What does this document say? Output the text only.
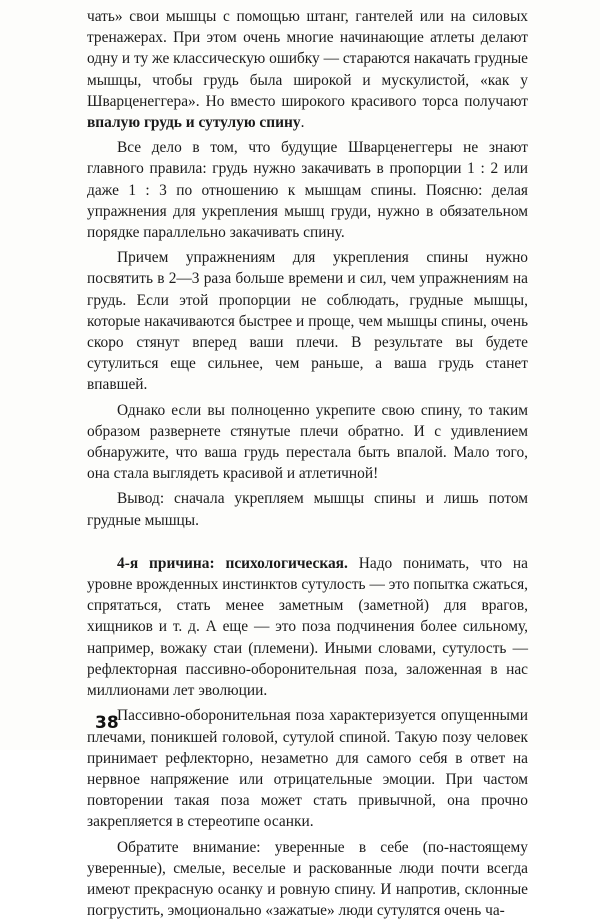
чать» свои мышцы с помощью штанг, гантелей или на силовых тренажерах. При этом очень многие начинающие атлеты делают одну и ту же классическую ошибку — стараются накачать грудные мышцы, чтобы грудь была широкой и мускулистой, «как у Шварценеггера». Но вместо широкого красивого торса получают впалую грудь и сутулую спину.

Все дело в том, что будущие Шварценеггеры не знают главного правила: грудь нужно закачивать в пропорции 1 : 2 или даже 1 : 3 по отношению к мышцам спины. Поясню: делая упражнения для укрепления мышц груди, нужно в обязательном порядке параллельно закачивать спину.

Причем упражнениям для укрепления спины нужно посвятить в 2—3 раза больше времени и сил, чем упражнениям на грудь. Если этой пропорции не соблюдать, грудные мышцы, которые накачиваются быстрее и проще, чем мышцы спины, очень скоро стянут вперед ваши плечи. В результате вы будете сутулиться еще сильнее, чем раньше, а ваша грудь станет впавшей.

Однако если вы полноценно укрепите свою спину, то таким образом развернете стянутые плечи обратно. И с удивлением обнаружите, что ваша грудь перестала быть впалой. Мало того, она стала выглядеть красивой и атлетичной!

Вывод: сначала укрепляем мышцы спины и лишь потом грудные мышцы.

4-я причина: психологическая. Надо понимать, что на уровне врожденных инстинктов сутулость — это попытка сжаться, спрятаться, стать менее заметным (заметной) для врагов, хищников и т. д. А еще — это поза подчинения более сильному, например, вожаку стаи (племени). Иными словами, сутулость — рефлекторная пассивно-оборонительная поза, заложенная в нас миллионами лет эволюции.

Пассивно-оборонительная поза характеризуется опущенными плечами, поникшей головой, сутулой спиной. Такую позу человек принимает рефлекторно, незаметно для самого себя в ответ на нервное напряжение или отрицательные эмоции. При частом повторении такая поза может стать привычной, она прочно закрепляется в стереотипе осанки.

Обратите внимание: уверенные в себе (по-настоящему уверенные), смелые, веселые и раскованные люди почти всегда имеют прекрасную осанку и ровную спину. И напротив, склонные погрустить, эмоционально «зажатые» люди сутулятся очень ча-

38
